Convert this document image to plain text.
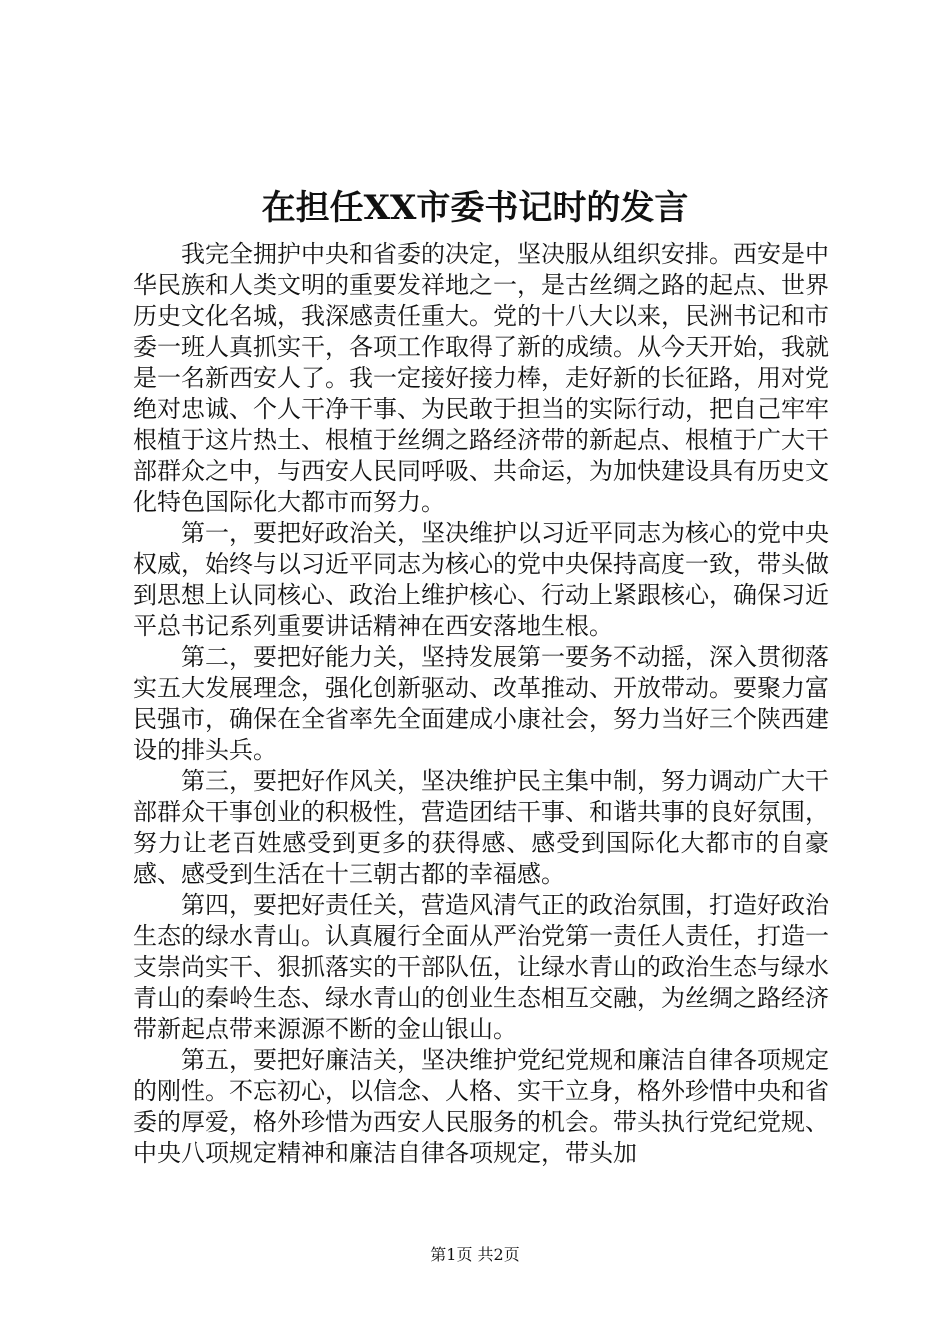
在担任XX市委书记时的发言

我完全拥护中央和省委的决定，坚决服从组织安排。西安是中华民族和人类文明的重要发祥地之一，是古丝绸之路的起点、世界历史文化名城，我深感责任重大。党的十八大以来，民洲书记和市委一班人真抓实干，各项工作取得了新的成绩。从今天开始，我就是一名新西安人了。我一定接好接力棒，走好新的长征路，用对党绝对忠诚、个人干净干事、为民敢于担当的实际行动，把自己牢牢根植于这片热土、根植于丝绸之路经济带的新起点、根植于广大干部群众之中，与西安人民同呼吸、共命运，为加快建设具有历史文化特色国际化大都市而努力。

第一，要把好政治关，坚决维护以习近平同志为核心的党中央权威，始终与以习近平同志为核心的党中央保持高度一致，带头做到思想上认同核心、政治上维护核心、行动上紧跟核心，确保习近平总书记系列重要讲话精神在西安落地生根。

第二，要把好能力关，坚持发展第一要务不动摇，深入贯彻落实五大发展理念，强化创新驱动、改革推动、开放带动。要聚力富民强市，确保在全省率先全面建成小康社会，努力当好三个陕西建设的排头兵。

第三，要把好作风关，坚决维护民主集中制，努力调动广大干部群众干事创业的积极性，营造团结干事、和谐共事的良好氛围，努力让老百姓感受到更多的获得感、感受到国际化大都市的自豪感、感受到生活在十三朝古都的幸福感。

第四，要把好责任关，营造风清气正的政治氛围，打造好政治生态的绿水青山。认真履行全面从严治党第一责任人责任，打造一支崇尚实干、狠抓落实的干部队伍，让绿水青山的政治生态与绿水青山的秦岭生态、绿水青山的创业生态相互交融，为丝绸之路经济带新起点带来源源不断的金山银山。

第五，要把好廉洁关，坚决维护党纪党规和廉洁自律各项规定的刚性。不忘初心，以信念、人格、实干立身，格外珍惜中央和省委的厚爱，格外珍惜为西安人民服务的机会。带头执行党纪党规、中央八项规定精神和廉洁自律各项规定，带头加

第1页 共2页
